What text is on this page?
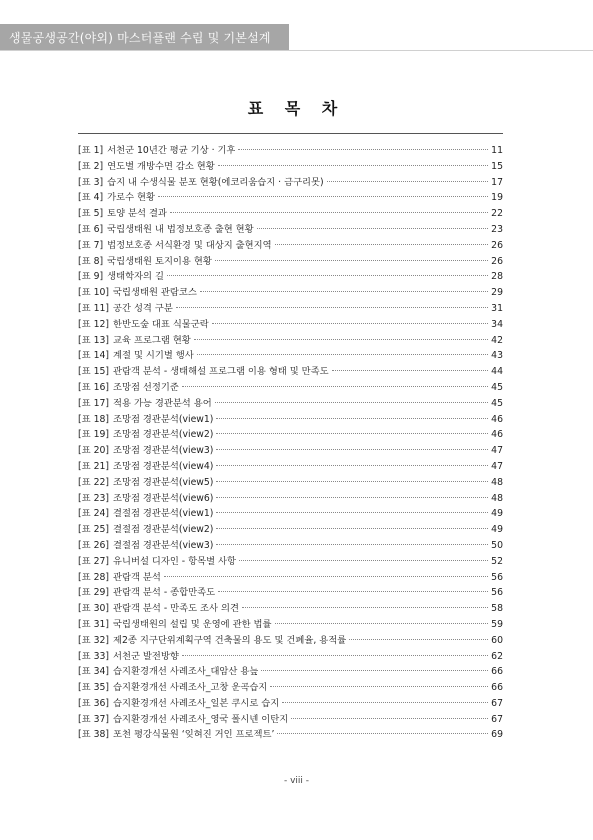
생물공생공간(야외) 마스터플랜 수립 및 기본설계
표 목 차
[표 1] 서천군 10년간 평균 기상 · 기후	11
[표 2] 연도별 개방수면 감소 현황	15
[표 3] 습지 내 수생식물 분포 현황(에코리움습지 · 금구리못)	17
[표 4] 가로수 현황	19
[표 5] 토양 분석 결과	22
[표 6] 국립생태원 내 법정보호종 출현 현황	23
[표 7] 법정보호종 서식환경 및 대상지 출현지역	26
[표 8] 국립생태원 토지이용 현황	26
[표 9] 생태학자의 길	28
[표 10] 국립생태원 관람코스	29
[표 11] 공간 성격 구분	31
[표 12] 한반도숲 대표 식물군락	34
[표 13] 교육 프로그램 현황	42
[표 14] 계절 및 시기별 행사	43
[표 15] 관람객 분석 - 생태해설 프로그램 이용 형태 및 만족도	44
[표 16] 조망점 선정기준	45
[표 17] 적용 가능 경관분석 용어	45
[표 18] 조망점 경관분석(view1)	46
[표 19] 조망점 경관분석(view2)	46
[표 20] 조망점 경관분석(view3)	47
[표 21] 조망점 경관분석(view4)	47
[표 22] 조망점 경관분석(view5)	48
[표 23] 조망점 경관분석(view6)	48
[표 24] 결절점 경관분석(view1)	49
[표 25] 결절점 경관분석(view2)	49
[표 26] 결절점 경관분석(view3)	50
[표 27] 유니버설 디자인 - 항목별 사항	52
[표 28] 관람객 분석	56
[표 29] 관람객 분석 - 종합만족도	56
[표 30] 관람객 분석 - 만족도 조사 의견	58
[표 31] 국립생태원의 설립 및 운영에 관한 법률	59
[표 32] 제2종 지구단위계획구역 건축물의 용도 및 건폐율, 용적률	60
[표 33] 서천군 발전방향	62
[표 34] 습지환경개선 사례조사_대암산 용늪	66
[표 35] 습지환경개선 사례조사_고창 운곡습지	66
[표 36] 습지환경개선 사례조사_일본 쿠시로 습지	67
[표 37] 습지환경개선 사례조사_영국 폴시넨 이탄지	67
[표 38] 포천 평강식물원 ‘잊혀진 거인 프로젝트’	69
- viii -
